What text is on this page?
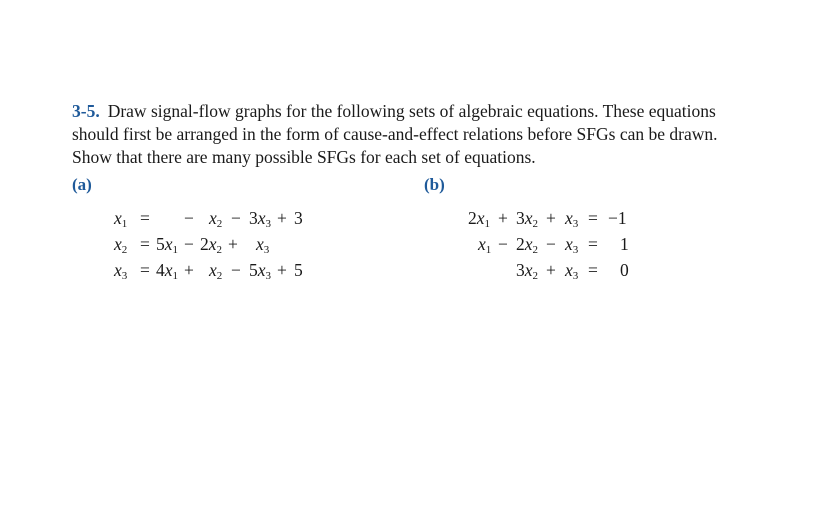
3-5. Draw signal-flow graphs for the following sets of algebraic equations. These equations should first be arranged in the form of cause-and-effect relations before SFGs can be drawn. Show that there are many possible SFGs for each set of equations.
(a)	(b)
$x_1$ = − $x_2 - 3x_3 + 3$
$x_2 = 5x_1 - 2x_2 + x_3$
$x_3 = 4x_1 + x_2 - 5x_3 + 5$
$2x_1 + 3x_2 + x_3 = -1$
$x_1 - 2x_2 - x_3 = 1$
$3x_2 + x_3 = 0$
